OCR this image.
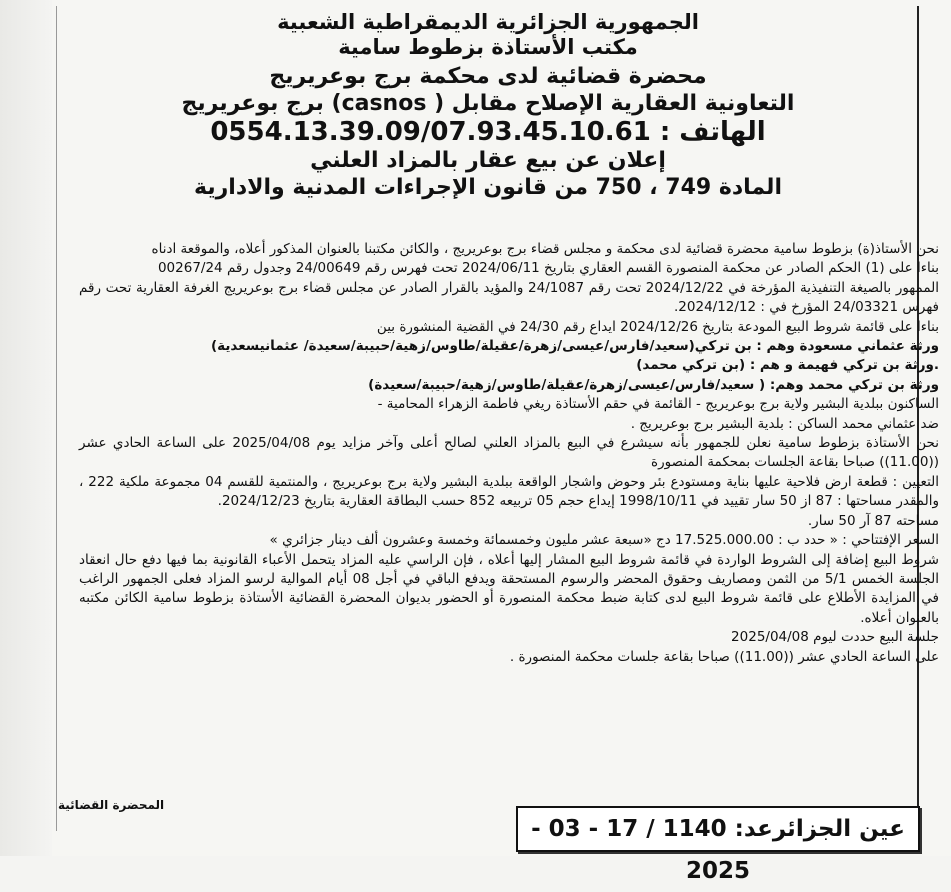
الجمهورية الجزائرية الديمقراطية الشعبية
مكتب الأستاذة بزطوط سامية
محضرة قضائية لدى محكمة برج بوعريريج
التعاونية العقارية الإصلاح مقابل ( casnos) برج بوعريريج
الهاتف : 0554.13.39.09/07.93.45.10.61
إعلان عن بيع عقار بالمزاد العلني
المادة 749 ، 750 من قانون الإجراءات المدنية والادارية

نحن الأستاذ(ة) بزطوط سامية محضرة قضائية لدى محكمة و مجلس قضاء برج بوعريريج ، والكائن مكتبنا بالعنوان المذكور أعلاه، والموقعة ادناه

بناءا على (1) الحكم الصادر عن محكمة المنصورة القسم العقاري بتاريخ 2024/06/11 تحت فهرس رقم 24/00649 وجدول رقم 00267/24

الممهور بالصيغة التنفيذية المؤرخة في 2024/12/22 تحت رقم 24/1087 والمؤيد بالقرار الصادر عن مجلس قضاء برج بوعريريج الغرفة العقارية تحت رقم فهرس 24/03321 المؤرخ في : 2024/12/12.

بناءا على قائمة شروط البيع المودعة بتاريخ 2024/12/26 ايداع رقم 24/30 في القضية المنشورة بين

ورثة عثماني مسعودة وهم : بن تركي(سعيد/فارس/عيسى/زهرة/عقيلة/طاوس/زهية/حبيبة/سعيدة/ عثمانيسعدية)

.ورثة بن تركي فهيمة و هم : (بن تركي محمد)

ورثة بن تركي محمد وهم: ( سعيد/فارس/عيسى/زهرة/عقيلة/طاوس/زهية/حبيبة/سعيدة)

الساكنون ببلدية البشير ولاية برج بوعريريج - القائمة في حقم الأستاذة ريغي فاطمة الزهراء المحامية -

ضد عثماني محمد الساكن : بلدية البشير برج بوعريريج .

نحن الأستاذة بزطوط سامية نعلن للجمهور بأنه سيشرع في البيع بالمزاد العلني لصالح أعلى وآخر مزايد يوم 2025/04/08 على الساعة الحادي عشر ((11.00)) صباحا بقاعة الجلسات بمحكمة المنصورة

التعيين : قطعة ارض فلاحية عليها بناية ومستودع بئر وحوض واشجار الواقعة ببلدية البشير ولاية برج بوعريريج ، والمنتمية للقسم 04 مجموعة ملكية 222 ، والمقدر مساحتها : 87 از 50 سار تقييد في 1998/10/11 إيداع حجم 05 تربيعه 852 حسب البطاقة العقارية بتاريخ 2024/12/23.

مساحته 87 آر 50 سار.

السعر الإفتتاحي : « حدد ب : 17.525.000.00 دج «سبعة عشر مليون وخمسمائة وخمسة وعشرون ألف دينار جزائري »

شروط البيع إضافة إلى الشروط الواردة في قائمة شروط البيع المشار إليها أعلاه ، فإن الراسي عليه المزاد يتحمل الأعباء القانونية بما فيها دفع حال انعقاد الجلسة الخمس 5/1 من الثمن ومصاريف وحقوق المحضر والرسوم المستحقة ويدفع الباقي في أجل 08 أيام الموالية لرسو المزاد فعلى الجمهور الراغب في المزايدة الأطلاع على قائمة شروط البيع لدى كتابة ضبط محكمة المنصورة أو الحضور بديوان المحضرة القضائية الأستاذة بزطوط سامية الكائن مكتبه بالعنوان أعلاه.

جلسة البيع حددت ليوم 2025/04/08

على الساعة الحادي عشر ((11.00)) صباحا بقاعة جلسات محكمة المنصورة .

المحضرة القضائية
عين الجزائرعد: 1140 / 17 - 03 - 2025
